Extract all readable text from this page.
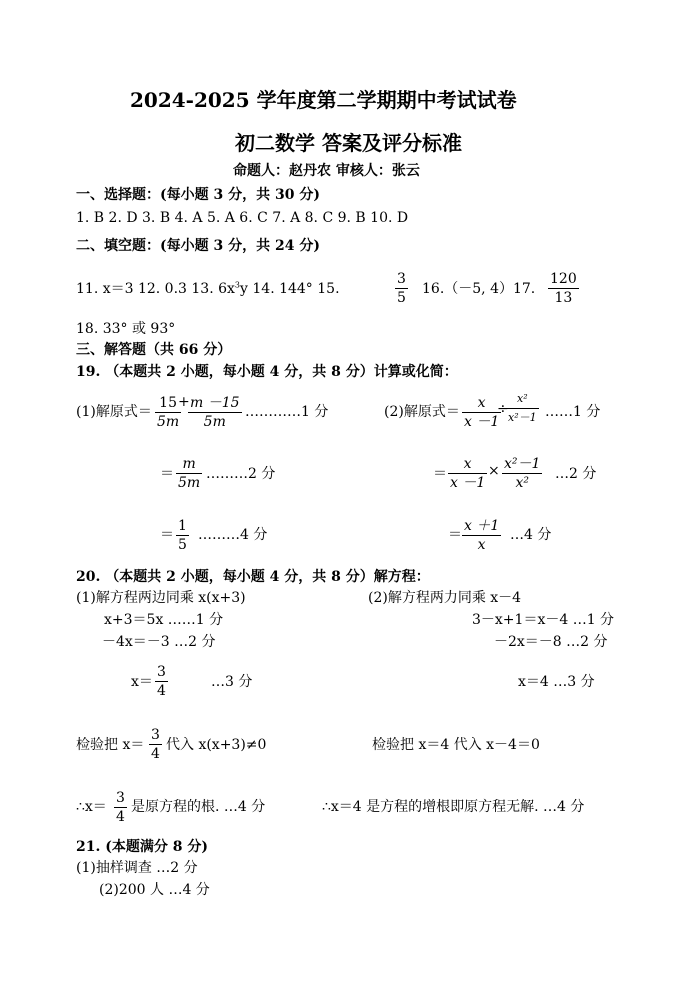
2024-2025 学年度第二学期期中考试试卷
初二数学 答案及评分标准
命题人：赵丹农 审核人：张云
一、选择题：(每小题 3 分，共 30 分)
1. B 2. D 3. B 4. A 5. A 6. C 7. A 8. C 9. B 10. D
二、填空题：(每小题 3 分，共 24 分)
11. x＝3 12. 0.3 13. $6x^3y$ 14. 144° 15.	$\frac{3}{5} 16.(-5$, 4）17. $\frac{120}{13}$
18. 33° 或 93°
三、解答题（共 66 分）
19. （本题共 2 小题，每小题 4 分，共 8 分）计算或化简：
(1)解原式＝ $\frac{15}{5m}$
+
$\frac{m -15}{5m}$ …………1 分
＝ $\frac{m}{5m}$ ………2 分
＝ $\frac{1}{5}$ ………4 分
(2)解原式＝ $\frac{x}{x -1}$
÷
$\frac{\text{x²}}{\text{x²－1}}$ ……1 分
＝ $\frac{x}{x -1} \times \frac{\text{x²－1}}{\text{x²}}$ …2 分
＝ $\frac{x +1}{x}$ …4 分
20. （本题共 2 小题，每小题 4 分，共 8 分）解方程：
(1)解方程两边同乘 x(x+3)
x+3＝5x ……1 分
－4x＝－3 …2 分
$x= \frac{3}{4}$	…3 分
检验把 $x= \frac{3}{4}$ 代入 x(x+3)≠0
∴x＝ $\frac{3}{4}$ 是原方程的根. …4 分
(2)解方程两力同乘 x－4
3－x+1＝x－4 …1 分
－2x＝－8 …2 分
x＝4 …3 分
检验把 x＝4 代入 x－4＝0
∴x＝4 是方程的增根即原方程无解. …4 分
21. (本题满分 8 分)
(1)抽样调查 …2 分
(2)200 人 …4 分
